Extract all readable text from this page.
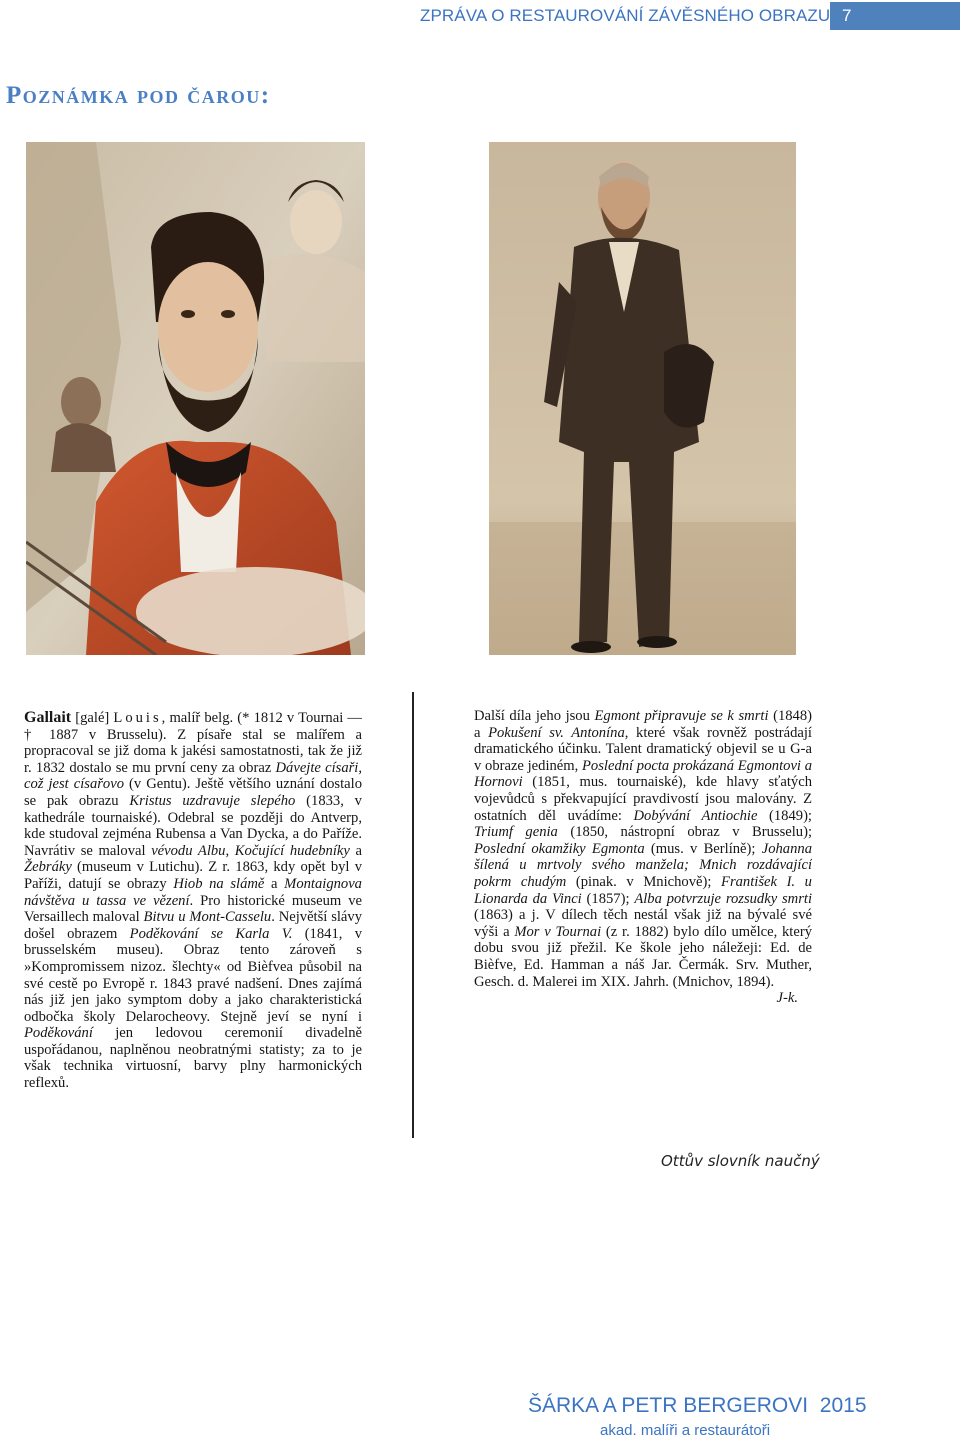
ZPRÁVA O RESTAUROVÁNÍ ZÁVĚSNÉHO OBRAZU 7
Poznámka pod čarou:

Gallait [galé] Louis, malíř belg. (* 1812 v Tournai — † 1887 v Brusselu). Z písaře stal se malířem a propracoval se již doma k jakési samostatnosti, tak že již r. 1832 dostalo se mu první ceny za obraz Dávejte císaři, což jest císařovo (v Gentu). Ještě většího uznání dostalo se pak obrazu Kristus uzdravuje slepého (1833, v kathedrále tournaiské). Odebral se později do Antverp, kde studoval zejména Rubensa a Van Dycka, a do Paříže. Navrátiv se maloval vévodu Albu, Kočující hudebníky a Žebráky (museum v Lutichu). Z r. 1863, kdy opět byl v Paříži, datují se obrazy Hiob na slámě a Montaignova návštěva u tassa ve vězení. Pro historické museum ve Versaillech maloval Bitvu u Mont-Casselu. Největší slávy došel obrazem Poděkování se Karla V. (1841, v brusselském museu). Obraz tento zároveň s »Kompromissem nizoz. šlechty« od Bièfvea působil na své cestě po Evropě r. 1843 pravé nadšení. Dnes zajímá nás již jen jako symptom doby a jako charakteristická odbočka školy Delarocheovy. Stejně jeví se nyní i Poděkování jen ledovou ceremonií divadelně uspořádanou, naplněnou neobratnými statisty; za to je však technika virtuosní, barvy plny harmonických reflexů.

Další díla jeho jsou Egmont připravuje se k smrti (1848) a Pokušení sv. Antonína, které však rovněž postrádají dramatického účinku. Talent dramatický objevil se u G-a v obraze jediném, Poslední pocta prokázaná Egmontovi a Hornovi (1851, mus. tournaiské), kde hlavy sťatých vojevůdců s překvapující pravdivostí jsou malovány. Z ostatních děl uvádíme: Dobývání Antiochie (1849); Triumf genia (1850, nástropní obraz v Brusselu); Poslední okamžiky Egmonta (mus. v Berlíně); Johanna šílená u mrtvoly svého manžela; Mnich rozdávající pokrm chudým (pinak. v Mnichově); František I. u Lionarda da Vinci (1857); Alba potvrzuje rozsudky smrti (1863) a j. V dílech těch nestál však již na bývalé své výši a Mor v Tournai (z r. 1882) bylo dílo umělce, který dobu svou již přežil. Ke škole jeho náležeji: Ed. de Bièfve, Ed. Hamman a náš Jar. Čermák. Srv. Muther, Gesch. d. Malerei im XIX. Jahrh. (Mnichov, 1894).

J-k.
Ottův slovník naučný
ŠÁRKA A PETR BERGEROVI 2015
akad. malíři a restaurátoři
